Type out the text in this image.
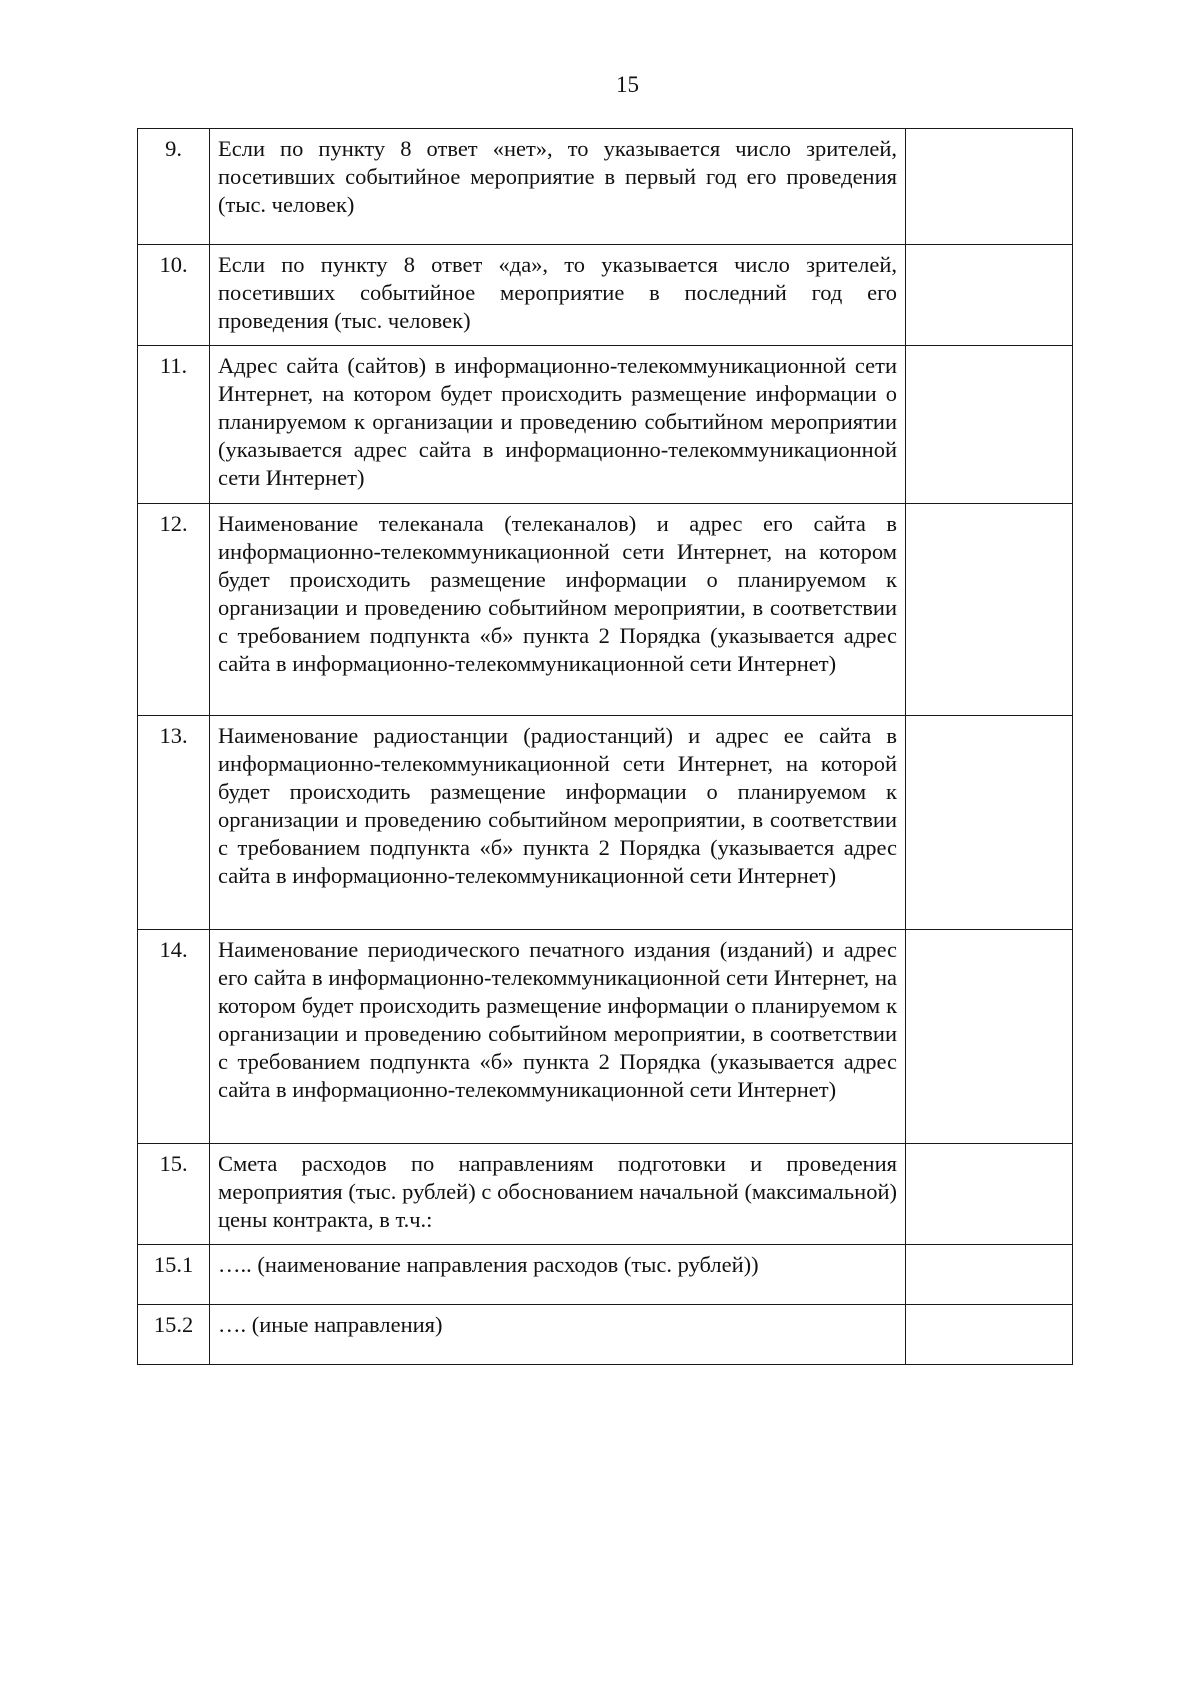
15
9.	Если по пункту 8 ответ «нет», то указывается число зрителей, посетивших событийное мероприятие в первый год его проведения (тыс. человек)	
10.	Если по пункту 8 ответ «да», то указывается число зрителей, посетивших событийное мероприятие в последний год его проведения (тыс. человек)	
11.	Адрес сайта (сайтов) в информационно-телекоммуникационной сети Интернет, на котором будет происходить размещение информации о планируемом к организации и проведению событийном мероприятии (указывается адрес сайта в информационно-телекоммуникационной сети Интернет)	
12.	Наименование телеканала (телеканалов) и адрес его сайта в информационно-телекоммуникационной сети Интернет, на котором будет происходить размещение информации о планируемом к организации и проведению событийном мероприятии, в соответствии с требованием подпункта «б» пункта 2 Порядка (указывается адрес сайта в информационно-телекоммуникационной сети Интернет)	
13.	Наименование радиостанции (радиостанций) и адрес ее сайта в информационно-телекоммуникационной сети Интернет, на которой будет происходить размещение информации о планируемом к организации и проведению событийном мероприятии, в соответствии с требованием подпункта «б» пункта 2 Порядка (указывается адрес сайта в информационно-телекоммуникационной сети Интернет)	
14.	Наименование периодического печатного издания (изданий) и адрес его сайта в информационно-телекоммуникационной сети Интернет, на котором будет происходить размещение информации о планируемом к организации и проведению событийном мероприятии, в соответствии с требованием подпункта «б» пункта 2 Порядка (указывается адрес сайта в информационно-телекоммуникационной сети Интернет)	
15.	Смета расходов по направлениям подготовки и проведения мероприятия (тыс. рублей) с обоснованием начальной (максимальной) цены контракта, в т.ч.:	
15.1	….. (наименование направления расходов (тыс. рублей))	
15.2	…. (иные направления)	
